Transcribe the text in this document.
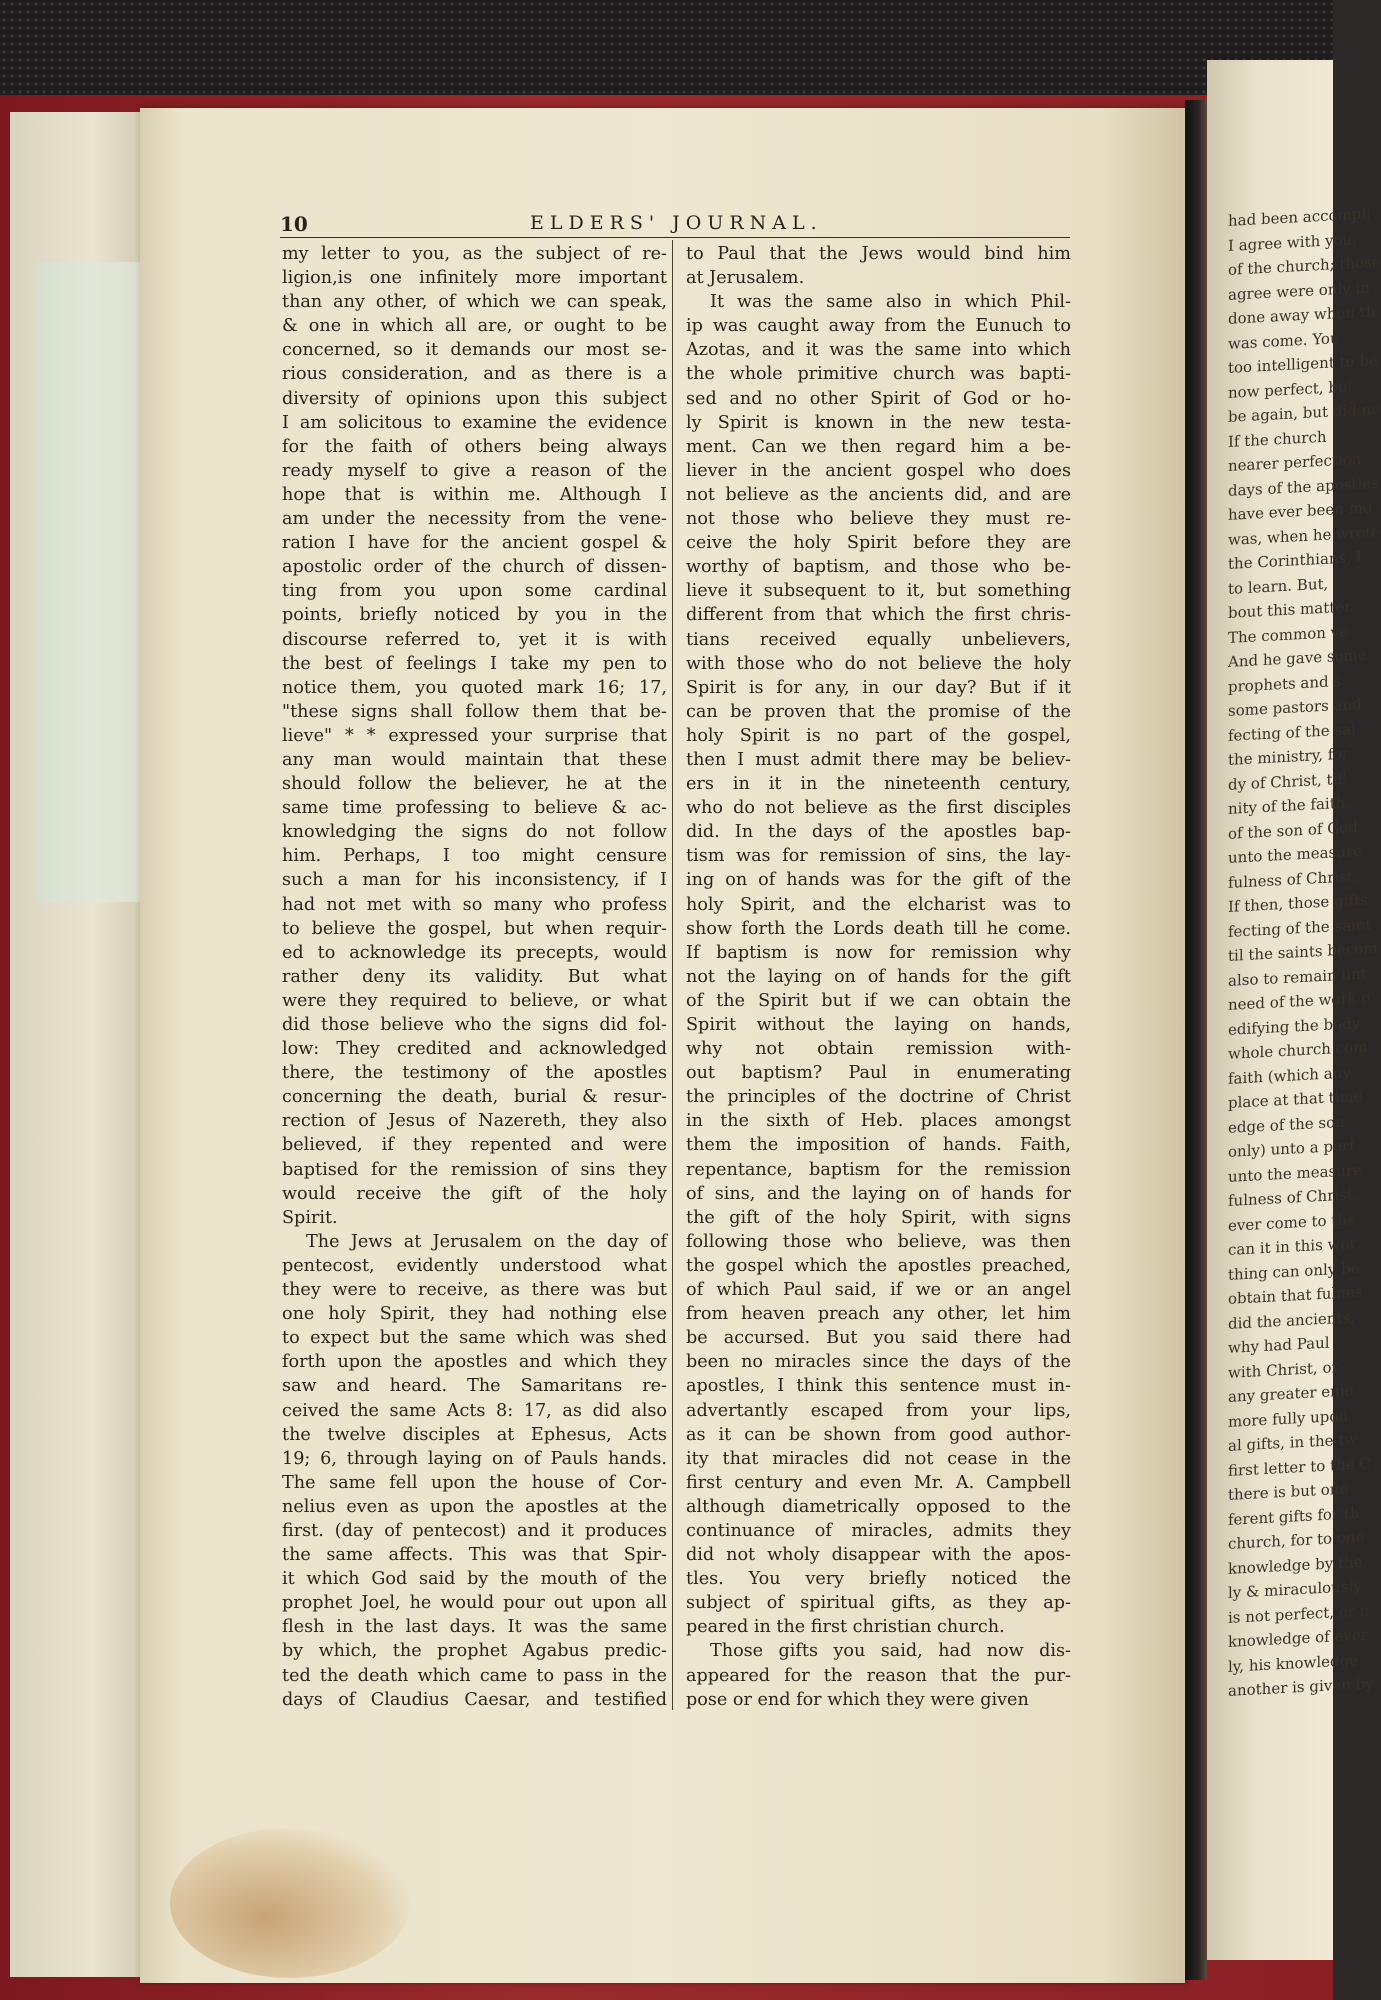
had been accompli
I agree with you,
of the church; those
agree were only in
done away when th
was come. You
too intelligent to be
now perfect, but
be again, but did no
If the church
nearer perfection
days of the apostles
have ever been mo
was, when he wrote
the Corinthians, I
to learn. But,
bout this matter.
The common ve
And he gave some
prophets and s
some pastors and
fecting of the sai
the ministry, for
dy of Christ, till
nity of the faith,
of the son of God
unto the measure
fulness of Christ.
If then, those gifts
fecting of the saint
til the saints becom
also to remain unt
need of the work o
edifying the body
whole church com
faith (which any
place at that time
edge of the son
only) unto a perf
unto the measure
fulness of Christ.
ever come to the
can it in this wor
thing can only be
obtain that fulnes
did the ancients,
why had Paul
with Christ, or
any greater enjo
more fully upon
al gifts, in the tw
first letter to the C
there is but one
ferent gifts for th
church, for to one
knowledge by the
ly & miraculously
is not perfect, or n
knowledge of ever
ly, his knowledge
another is given by
10	ELDERS' JOURNAL.
my letter to you, as the subject of re-
ligion,is one infinitely more important
than any other, of which we can speak,
& one in which all are, or ought to be
concerned, so it demands our most se-
rious consideration, and as there is a
diversity of opinions upon this subject
I am solicitous to examine the evidence
for the faith of others being always
ready myself to give a reason of the
hope that is within me. Although I
am under the necessity from the vene-
ration I have for the ancient gospel &
apostolic order of the church of dissen-
ting from you upon some cardinal
points, briefly noticed by you in the
discourse referred to, yet it is with
the best of feelings I take my pen to
notice them, you quoted mark 16; 17,
"these signs shall follow them that be-
lieve" * * expressed your surprise that
any man would maintain that these
should follow the believer, he at the
same time professing to believe & ac-
knowledging the signs do not follow
him. Perhaps, I too might censure
such a man for his inconsistency, if I
had not met with so many who profess
to believe the gospel, but when requir-
ed to acknowledge its precepts, would
rather deny its validity. But what
were they required to believe, or what
did those believe who the signs did fol-
low: They credited and acknowledged
there, the testimony of the apostles
concerning the death, burial & resur-
rection of Jesus of Nazereth, they also
believed, if they repented and were
baptised for the remission of sins they
would receive the gift of the holy
Spirit.
The Jews at Jerusalem on the day of
pentecost, evidently understood what
they were to receive, as there was but
one holy Spirit, they had nothing else
to expect but the same which was shed
forth upon the apostles and which they
saw and heard. The Samaritans re-
ceived the same Acts 8: 17, as did also
the twelve disciples at Ephesus, Acts
19; 6, through laying on of Pauls hands.
The same fell upon the house of Cor-
nelius even as upon the apostles at the
first. (day of pentecost) and it produces
the same affects. This was that Spir-
it which God said by the mouth of the
prophet Joel, he would pour out upon all
flesh in the last days. It was the same
by which, the prophet Agabus predic-
ted the death which came to pass in the
days of Claudius Caesar, and testified
to Paul that the Jews would bind him
at Jerusalem.
It was the same also in which Phil-
ip was caught away from the Eunuch to
Azotas, and it was the same into which
the whole primitive church was bapti-
sed and no other Spirit of God or ho-
ly Spirit is known in the new testa-
ment. Can we then regard him a be-
liever in the ancient gospel who does
not believe as the ancients did, and are
not those who believe they must re-
ceive the holy Spirit before they are
worthy of baptism, and those who be-
lieve it subsequent to it, but something
different from that which the first chris-
tians received equally unbelievers,
with those who do not believe the holy
Spirit is for any, in our day? But if it
can be proven that the promise of the
holy Spirit is no part of the gospel,
then I must admit there may be believ-
ers in it in the nineteenth century,
who do not believe as the first disciples
did. In the days of the apostles bap-
tism was for remission of sins, the lay-
ing on of hands was for the gift of the
holy Spirit, and the elcharist was to
show forth the Lords death till he come.
If baptism is now for remission why
not the laying on of hands for the gift
of the Spirit but if we can obtain the
Spirit without the laying on hands,
why not obtain remission with-
out baptism? Paul in enumerating
the principles of the doctrine of Christ
in the sixth of Heb. places amongst
them the imposition of hands. Faith,
repentance, baptism for the remission
of sins, and the laying on of hands for
the gift of the holy Spirit, with signs
following those who believe, was then
the gospel which the apostles preached,
of which Paul said, if we or an angel
from heaven preach any other, let him
be accursed. But you said there had
been no miracles since the days of the
apostles, I think this sentence must in-
advertantly escaped from your lips,
as it can be shown from good author-
ity that miracles did not cease in the
first century and even Mr. A. Campbell
although diametrically opposed to the
continuance of miracles, admits they
did not wholy disappear with the apos-
tles. You very briefly noticed the
subject of spiritual gifts, as they ap-
peared in the first christian church.
Those gifts you said, had now dis-
appeared for the reason that the pur-
pose or end for which they were given
